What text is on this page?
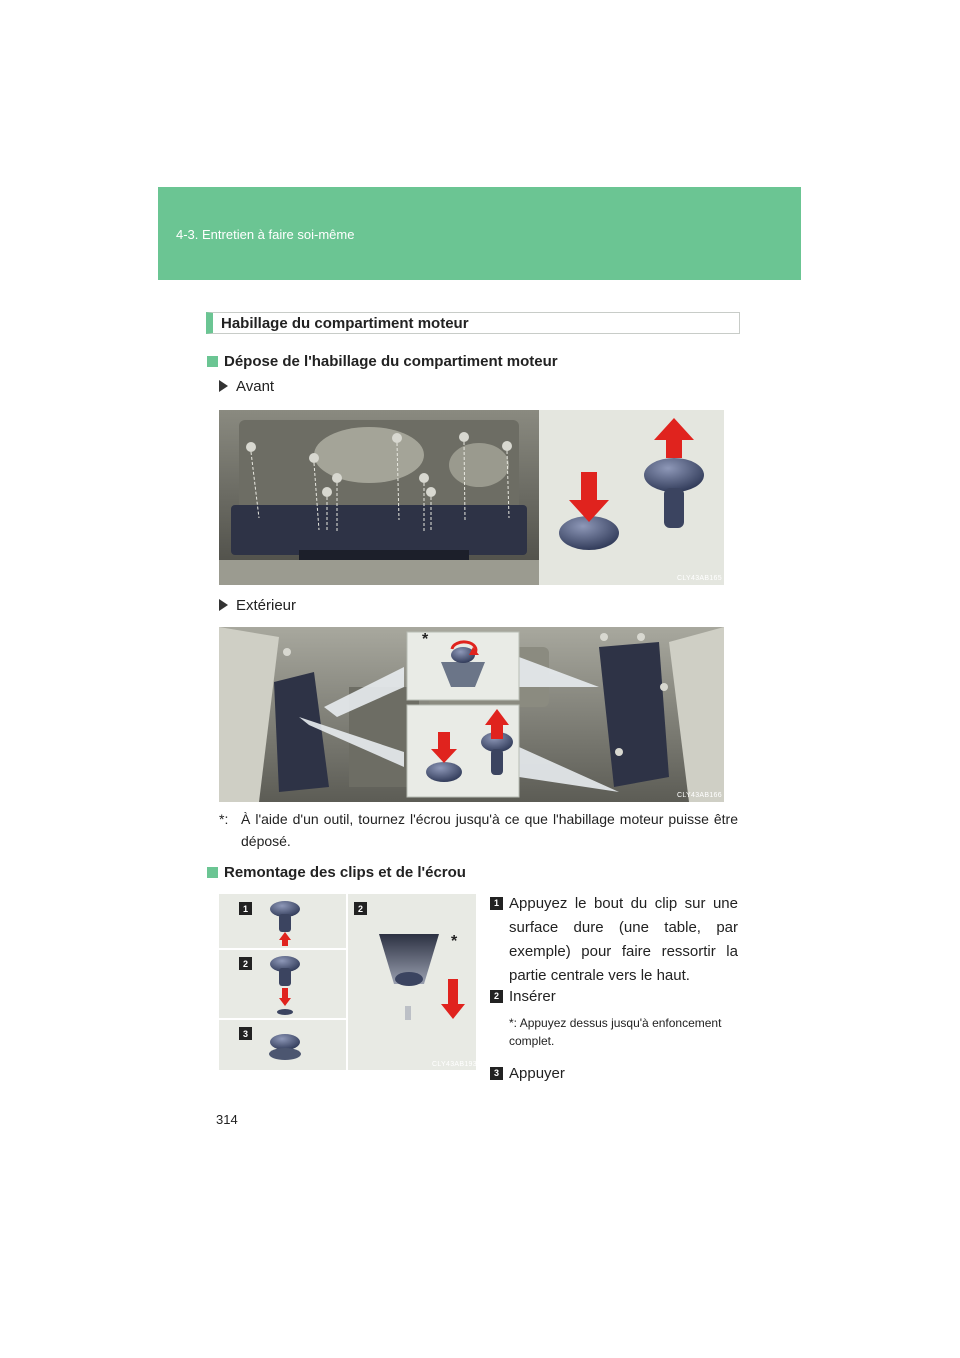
4-3. Entretien à faire soi-même
Habillage du compartiment moteur
Dépose de l'habillage du compartiment moteur
Avant
CLY43AB165
Extérieur
*
CLY43AB166
*: À l'aide d'un outil, tournez l'écrou jusqu'à ce que l'habillage moteur puisse être déposé.
Remontage des clips et de l'écrou
1
2
3
2
*
CLY43AB193
1 Appuyez le bout du clip sur une surface dure (une table, par exemple) pour faire ressortir la partie centrale vers le haut.
2 Insérer
*: Appuyez dessus jusqu'à enfoncement complet.
3 Appuyer
314
